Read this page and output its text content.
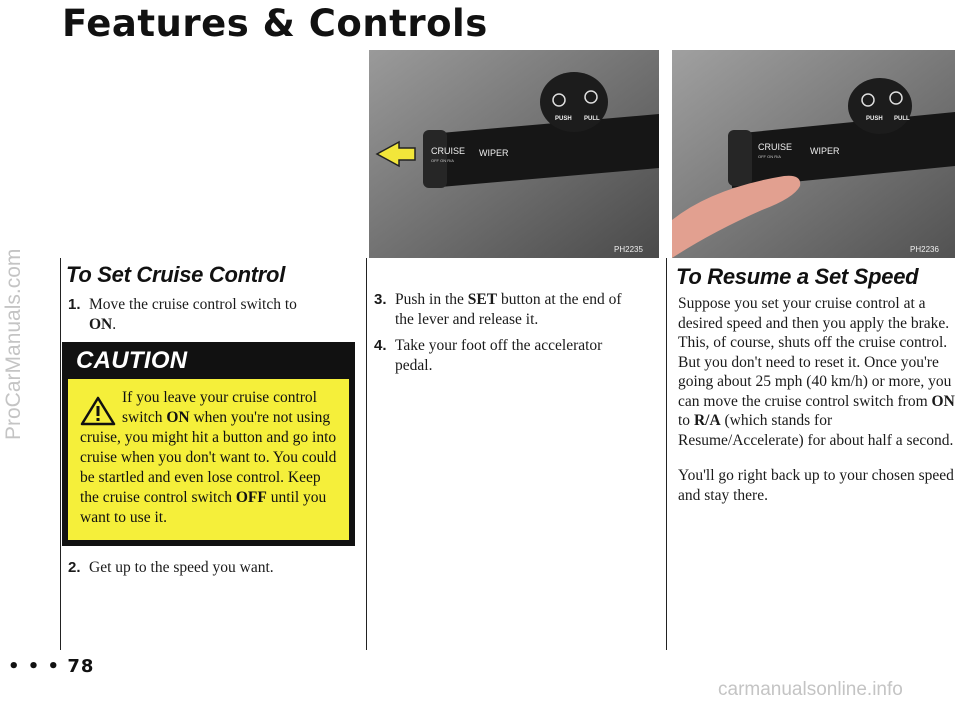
Features & Controls
ProCarManuals.com
carmanualsonline.info
PUSH PULL
CRUISE
OFF ON R/A
WIPER
PH2235
PUSH PULL
CRUISE
OFF ON R/A
WIPER
PH2236
To Set Cruise Control
1. Move the cruise control switch to
ON.
CAUTION
If you leave your cruise control switch ON when you're not using cruise, you might hit a button and go into cruise when you don't want to. You could be startled and even lose control. Keep the cruise control switch OFF until you want to use it.
2. Get up to the speed you want.
3. Push in the SET button at the end of
the lever and release it.
4. Take your foot off the accelerator
pedal.
To Resume a Set Speed

Suppose you set your cruise control at a desired speed and then you apply the brake. This, of course, shuts off the cruise control. But you don't need to reset it. Once you're going about 25 mph (40 km/h) or more, you can move the cruise control switch from ON to R/A (which stands for Resume/Accelerate) for about half a second.

You'll go right back up to your chosen speed and stay there.

• • • 78
